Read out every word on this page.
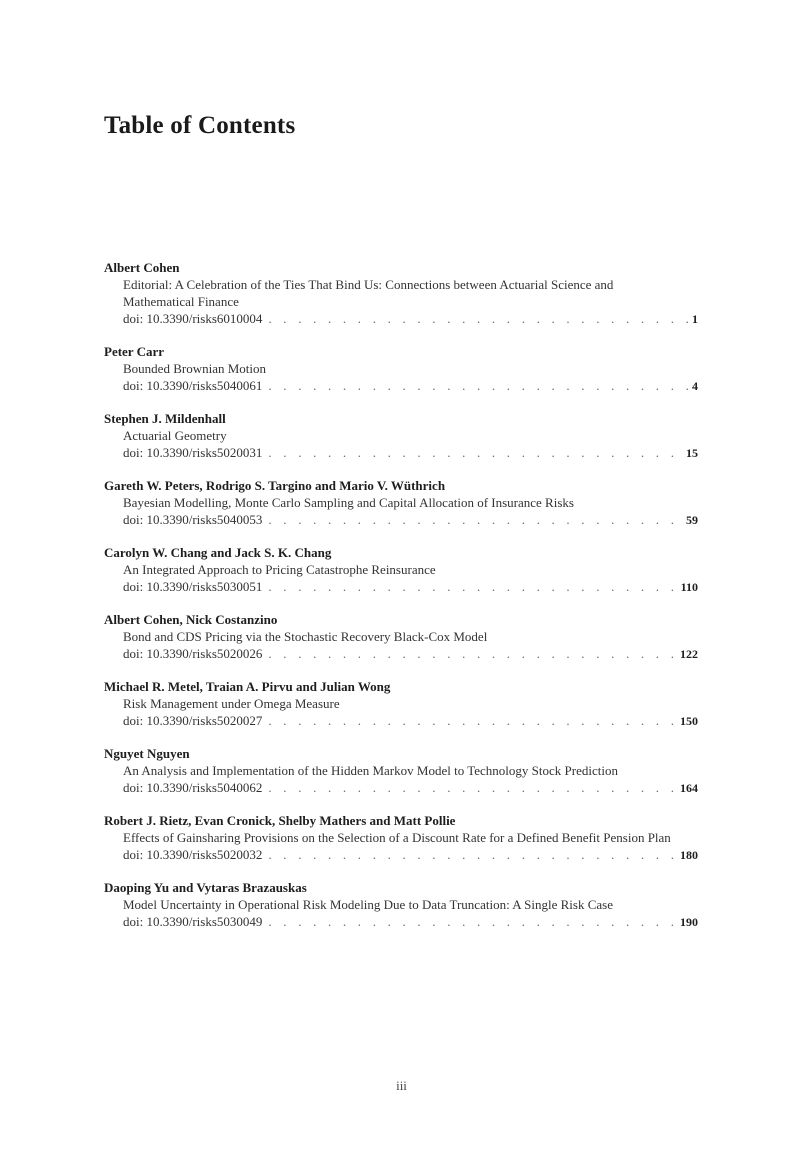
Table of Contents
Albert Cohen
Editorial: A Celebration of the Ties That Bind Us: Connections between Actuarial Science and Mathematical Finance
doi: 10.3390/risks6010004 . . .	1
Peter Carr
Bounded Brownian Motion
doi: 10.3390/risks5040061 . . .	4
Stephen J. Mildenhall
Actuarial Geometry
doi: 10.3390/risks5020031 . . .	15
Gareth W. Peters, Rodrigo S. Targino and Mario V. Wüthrich
Bayesian Modelling, Monte Carlo Sampling and Capital Allocation of Insurance Risks
doi: 10.3390/risks5040053 . . .	59
Carolyn W. Chang and Jack S. K. Chang
An Integrated Approach to Pricing Catastrophe Reinsurance
doi: 10.3390/risks5030051 . . .	110
Albert Cohen, Nick Costanzino
Bond and CDS Pricing via the Stochastic Recovery Black-Cox Model
doi: 10.3390/risks5020026 . . .	122
Michael R. Metel, Traian A. Pirvu and Julian Wong
Risk Management under Omega Measure
doi: 10.3390/risks5020027 . . .	150
Nguyet Nguyen
An Analysis and Implementation of the Hidden Markov Model to Technology Stock Prediction
doi: 10.3390/risks5040062 . . .	164
Robert J. Rietz, Evan Cronick, Shelby Mathers and Matt Pollie
Effects of Gainsharing Provisions on the Selection of a Discount Rate for a Defined Benefit Pension Plan
doi: 10.3390/risks5020032 . . .	180
Daoping Yu and Vytaras Brazauskas
Model Uncertainty in Operational Risk Modeling Due to Data Truncation: A Single Risk Case
doi: 10.3390/risks5030049 . . .	190
iii
